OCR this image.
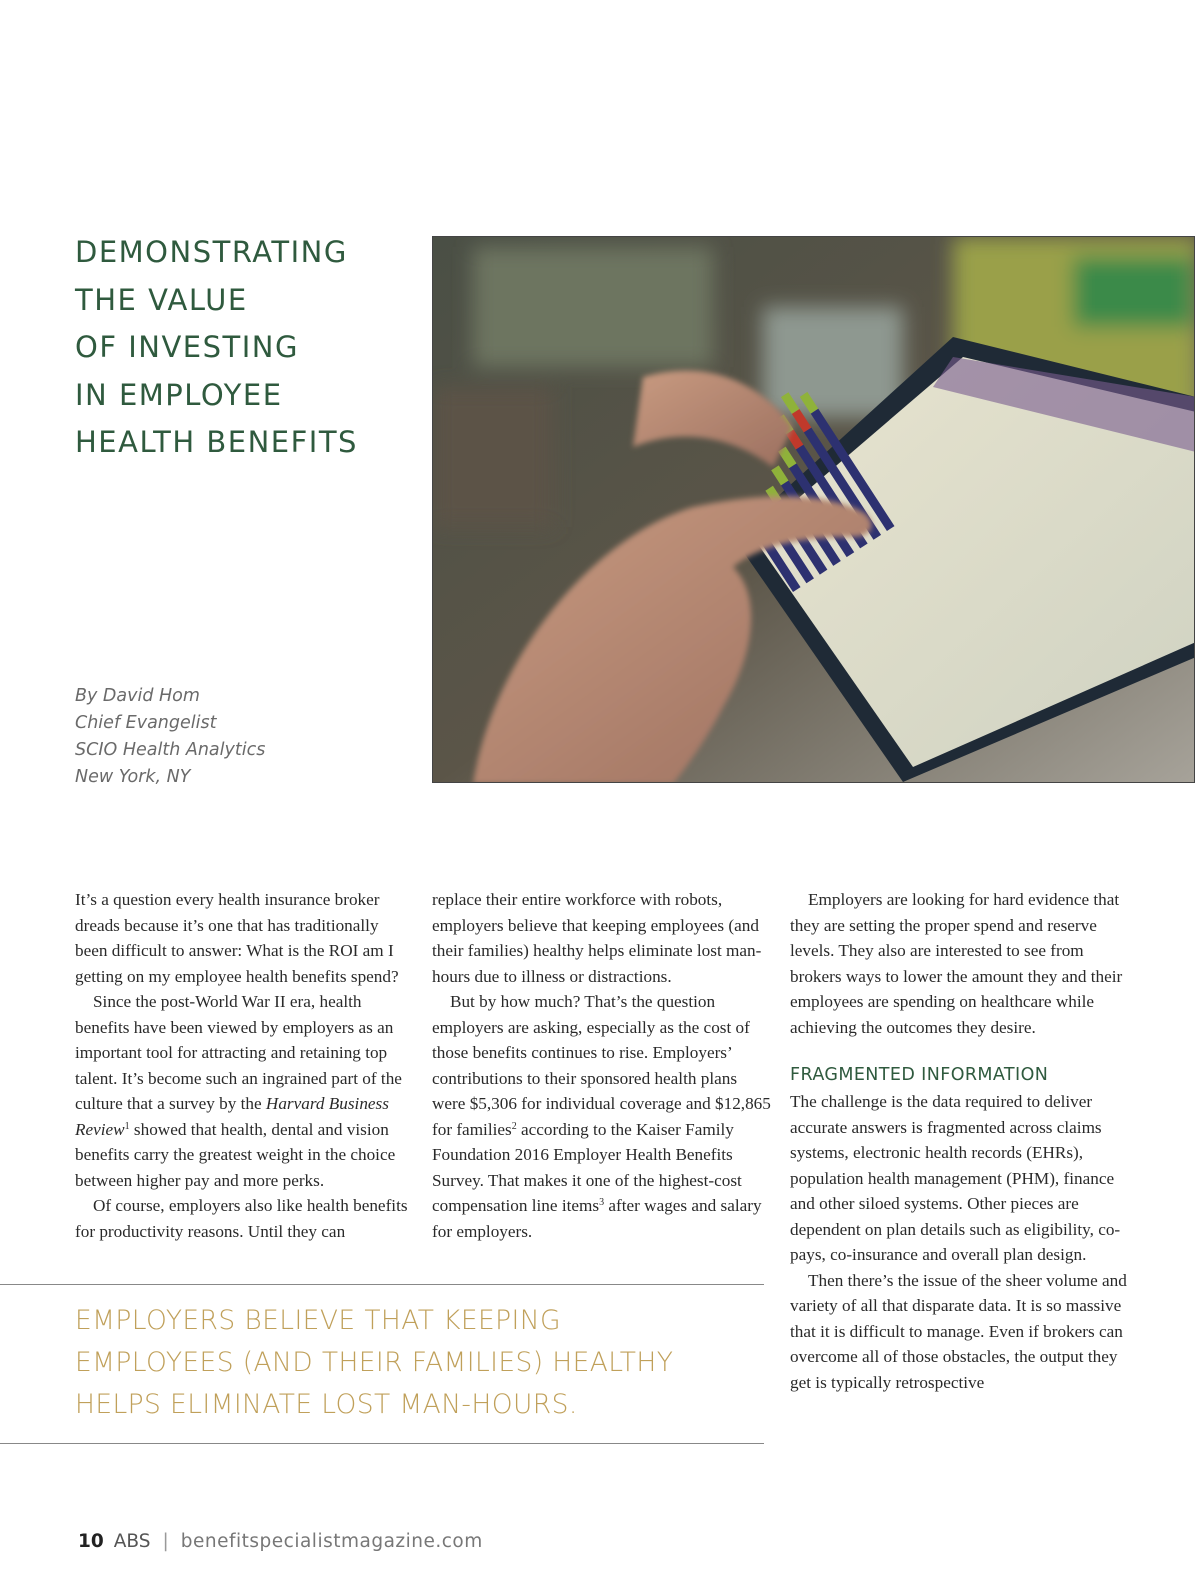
DEMONSTRATING
THE VALUE
OF INVESTING
IN EMPLOYEE
HEALTH BENEFITS
By David Hom
Chief Evangelist
SCIO Health Analytics
New York, NY

It’s a question every health insurance broker dreads because it’s one that has traditionally been difficult to answer: What is the ROI am I getting on my employee health benefits spend?

Since the post-World War II era, health benefits have been viewed by employers as an important tool for attracting and retaining top talent. It’s become such an ingrained part of the culture that a survey by the Harvard Business Review$^1$ showed that health, dental and vision benefits carry the greatest weight in the choice between higher pay and more perks.

Of course, employers also like health benefits for productivity reasons. Until they can

replace their entire workforce with robots, employers believe that keeping employees (and their families) healthy helps eliminate lost man-hours due to illness or distractions.

But by how much? That’s the question employers are asking, especially as the cost of those benefits continues to rise. Employers’ contributions to their sponsored health plans were $5,306 for individual coverage and $12,865 for families$^2$ according to the Kaiser Family Foundation 2016 Employer Health Benefits Survey. That makes it one of the highest-cost compensation line items$^3$ after wages and salary for employers.

Employers are looking for hard evidence that they are setting the proper spend and reserve levels. They also are interested to see from brokers ways to lower the amount they and their employees are spending on healthcare while achieving the outcomes they desire.

FRAGMENTED INFORMATION

The challenge is the data required to deliver accurate answers is fragmented across claims systems, electronic health records (EHRs), population health management (PHM), finance and other siloed systems. Other pieces are dependent on plan details such as eligibility, co-pays, co-insurance and overall plan design.

Then there’s the issue of the sheer volume and variety of all that disparate data. It is so massive that it is difficult to manage. Even if brokers can overcome all of those obstacles, the output they get is typically retrospective

EMPLOYERS BELIEVE THAT KEEPING
EMPLOYEES (AND THEIR FAMILIES) HEALTHY
HELPS ELIMINATE LOST MAN-HOURS.
10 ABS | benefitspecialistmagazine.com
